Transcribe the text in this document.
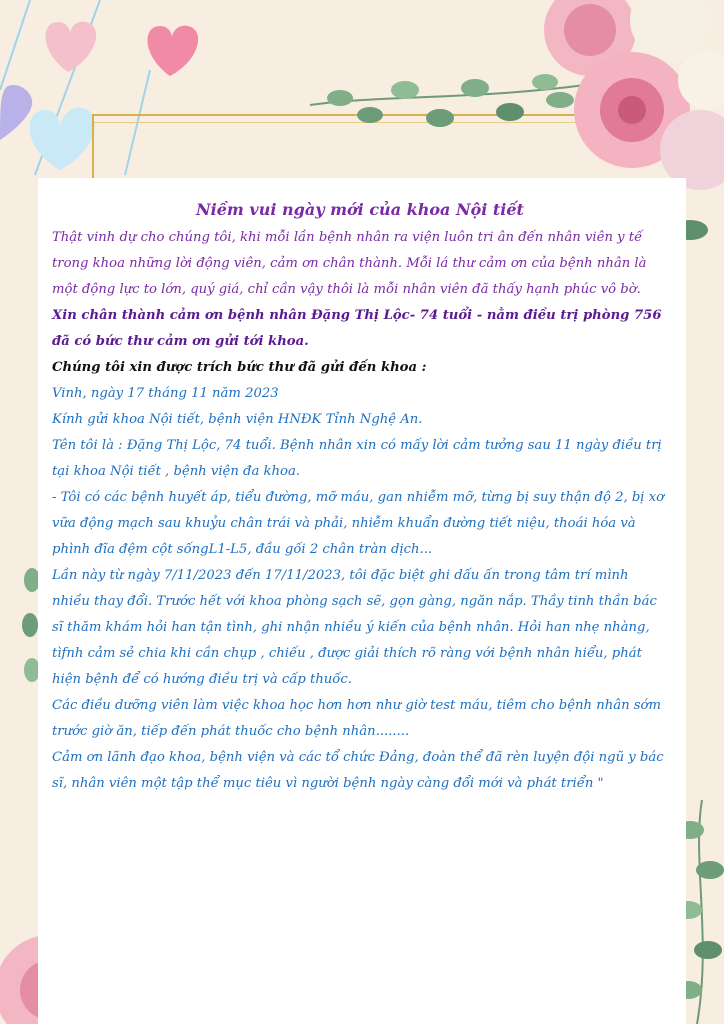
Niềm vui ngày mới của khoa Nội tiết

Thật vinh dự cho chúng tôi, khi mỗi lần bệnh nhân ra viện luôn tri ân đến nhân viên y tế trong khoa những lời động viên, cảm ơn chân thành. Mỗi lá thư cảm ơn của bệnh nhân là một động lực to lớn, quý giá, chỉ cần vậy thôi là mỗi nhân viên đã thấy hạnh phúc vô bờ.

Xin chân thành cảm ơn bệnh nhân Đặng Thị Lộc- 74 tuổi - nằm điều trị phòng 756 đã có bức thư cảm ơn gửi tới khoa.

Chúng tôi xin được trích bức thư đã gửi đến khoa :

Vinh, ngày 17 tháng 11 năm 2023

Kính gửi khoa Nội tiết, bệnh viện HNĐK Tỉnh Nghệ An.

Tên tôi là : Đặng Thị Lộc, 74 tuổi. Bệnh nhân xin có mấy lời cảm tưởng sau 11 ngày điều trị tại khoa Nội tiết , bệnh viện đa khoa.

- Tôi có các bệnh huyết áp, tiểu đường, mỡ máu, gan nhiễm mỡ, từng bị suy thận độ 2, bị xơ vữa động mạch sau khuỷu chân trái và phải, nhiễm khuẩn đường tiết niệu, thoái hóa và phình đĩa đệm cột sốngL1-L5, đầu gối 2 chân tràn dịch...

Lần này từ ngày 7/11/2023 đến 17/11/2023, tôi đặc biệt ghi dấu ấn trong tâm trí mình nhiều thay đổi. Trước hết với khoa phòng sạch sẽ, gọn gàng, ngăn nắp. Thầy tinh thần bác sĩ thăm khám hỏi han tận tình, ghi nhận nhiều ý kiến của bệnh nhân. Hỏi han nhẹ nhàng, tìfnh cảm sẻ chia khi cần chụp , chiếu , được giải thích rõ ràng với bệnh nhân hiểu, phát hiện bệnh để có hướng điều trị và cấp thuốc.

Các điều dưỡng viên làm việc khoa học hơn hơn như giờ test máu, tiêm cho bệnh nhân sớm trước giờ ăn, tiếp đến phát thuốc cho bệnh nhân........

Cảm ơn lãnh đạo khoa, bệnh viện và các tổ chức Đảng, đoàn thể đã rèn luyện đội ngũ y bác sĩ, nhân viên một tập thể mục tiêu vì người bệnh ngày càng đổi mới và phát triển "
